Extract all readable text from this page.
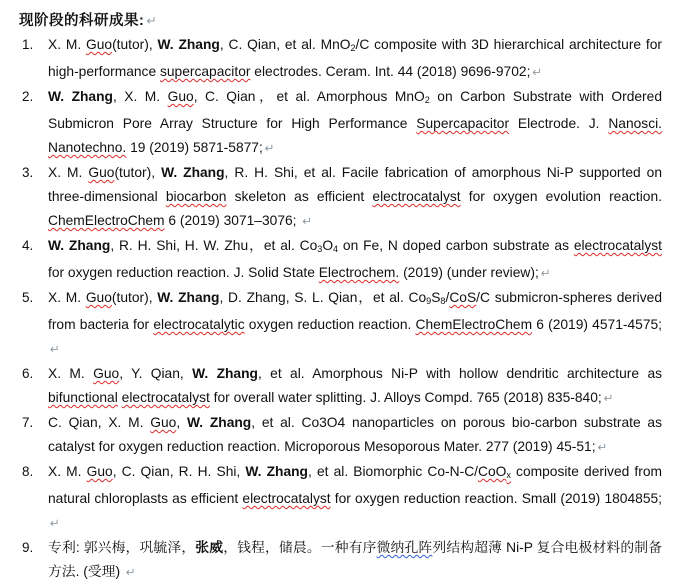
现阶段的科研成果: ↵
1.	X. M. Guo(tutor), W. Zhang, C. Qian, et al. MnO$_2$/C composite with 3D hierarchical architecture for high-performance supercapacitor electrodes. Ceram. Int. 44 (2018) 9696-9702; ↵
2.	W. Zhang, X. M. Guo, C. Qian，et al. Amorphous MnO$_2$ on Carbon Substrate with Ordered Submicron Pore Array Structure for High Performance Supercapacitor Electrode. J. Nanosci. Nanotechno. 19 (2019) 5871-5877; ↵
3.	X. M. Guo(tutor), W. Zhang, R. H. Shi, et al. Facile fabrication of amorphous Ni-P supported on three-dimensional biocarbon skeleton as efficient electrocatalyst for oxygen evolution reaction. ChemElectroChem 6 (2019) 3071–3076; ↵
4.	W. Zhang, R. H. Shi, H. W. Zhu，et al. $Co_3O_4$ on Fe, N doped carbon substrate as electrocatalyst for oxygen reduction reaction. J. Solid State Electrochem. (2019) (under review); ↵
5.	X. M. Guo(tutor), W. Zhang, D. Zhang, S. L. Qian，et al. $Co_9S_8/CoS/C$ submicron-spheres derived from bacteria for electrocatalytic oxygen reduction reaction. ChemElectroChem 6 (2019) 4571-4575; ↵
6.	X. M. Guo, Y. Qian, W. Zhang, et al. Amorphous Ni-P with hollow dendritic architecture as bifunctional electrocatalyst for overall water splitting. J. Alloys Compd. 765 (2018) 835-840; ↵
7.	C. Qian, X. M. Guo, W. Zhang, et al. Co3O4 nanoparticles on porous bio-carbon substrate as catalyst for oxygen reduction reaction. Microporous Mesoporous Mater. 277 (2019) 45-51; ↵
8.	X. M. Guo, C. Qian, R. H. Shi, W. Zhang, et al. Biomorphic Co-N-C/CoO$_x$ composite derived from natural chloroplasts as efficient electrocatalyst for oxygen reduction reaction. Small (2019) 1804855; ↵
9.	专利: 郭兴梅，巩毓泽，张威，钱程，储晨。一种有序微纳孔阵列结构超薄 Ni-P 复合电极材料的制备方法. (受理) ↵
